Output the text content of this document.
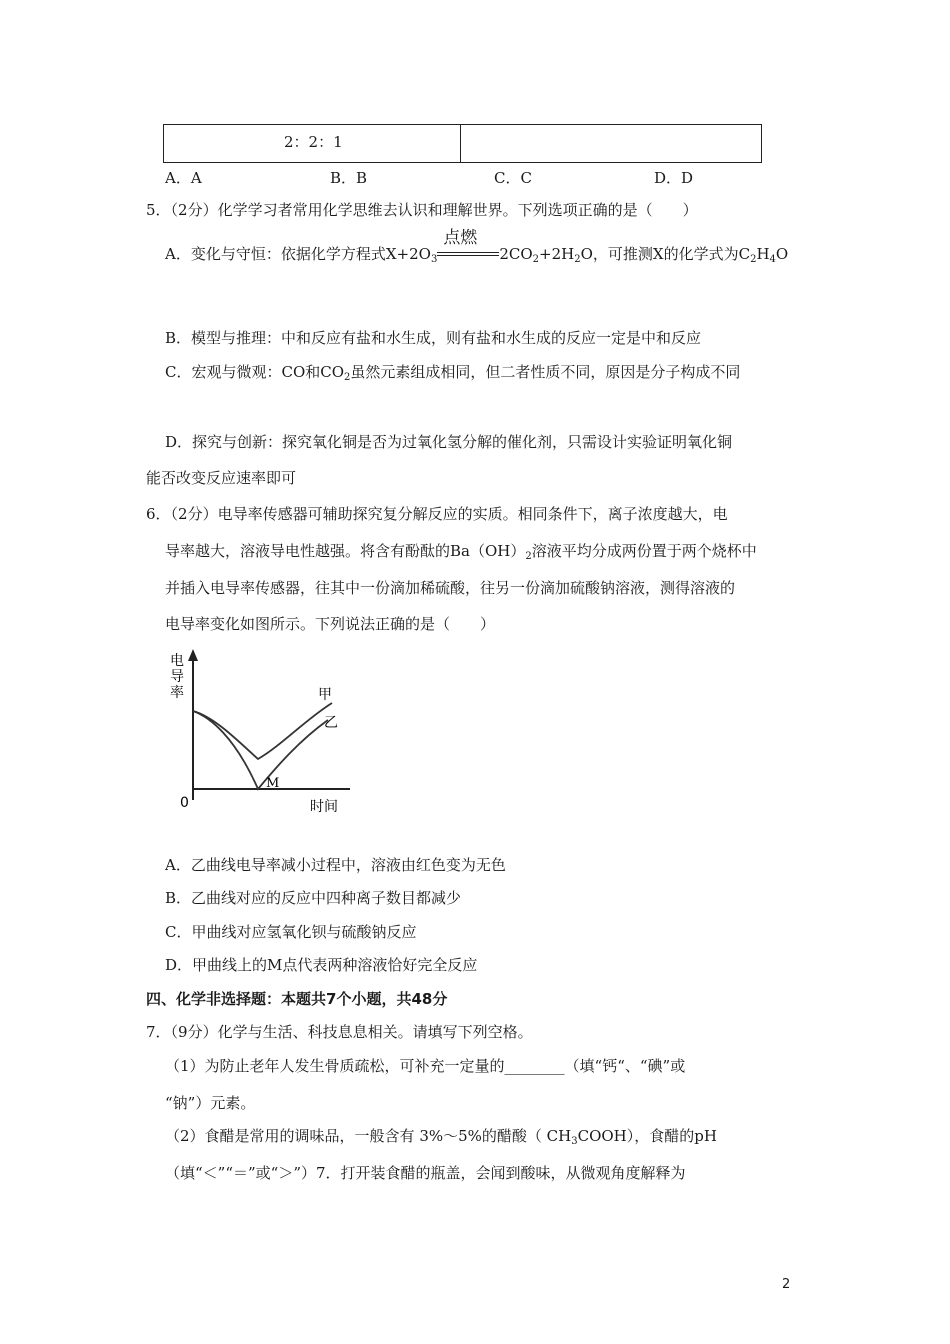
2：2：1

A．A	B．B	C．C	D．D
5．（2分）化学学习者常用化学思维去认识和理解世界。下列选项正确的是（　　）
A．变化与守恒：依据化学方程式$X+2O_3$
点燃
$2CO_2+2H_2O$，可推测X的化学式为$C_2H_4O$
B．模型与推理：中和反应有盐和水生成，则有盐和水生成的反应一定是中和反应
C．宏观与微观：CO和$CO_2$虽然元素组成相同，但二者性质不同，原因是分子构成不同
D．探究与创新：探究氧化铜是否为过氧化氢分解的催化剂，只需设计实验证明氧化铜
能否改变反应速率即可
6．（2分）电导率传感器可辅助探究复分解反应的实质。相同条件下，离子浓度越大，电
导率越大，溶液导电性越强。将含有酚酞的$Ba(OH)_2$溶液平均分成两份置于两个烧杯中
并插入电导率传感器，往其中一份滴加稀硫酸，往另一份滴加硫酸钠溶液，测得溶液的
电导率变化如图所示。下列说法正确的是（　　）
电
导
率
0	时间
甲
乙
M
A．乙曲线电导率减小过程中，溶液由红色变为无色
B．乙曲线对应的反应中四种离子数目都减少
C．甲曲线对应氢氧化钡与硫酸钠反应
D．甲曲线上的M点代表两种溶液恰好完全反应
四、化学非选择题：本题共7个小题，共48分
7．（9分）化学与生活、科技息息相关。请填写下列空格。
（1）为防止老年人发生骨质疏松，可补充一定量的________（填“钙“、“碘”或
“钠”）元素。
（2）食醋是常用的调味品，一般含有 3%～5%的醋酸（ $CH_3COOH$），食醋的pH
（填“＜”“＝”或“＞”）7．打开装食醋的瓶盖，会闻到酸味，从微观角度解释为
2
